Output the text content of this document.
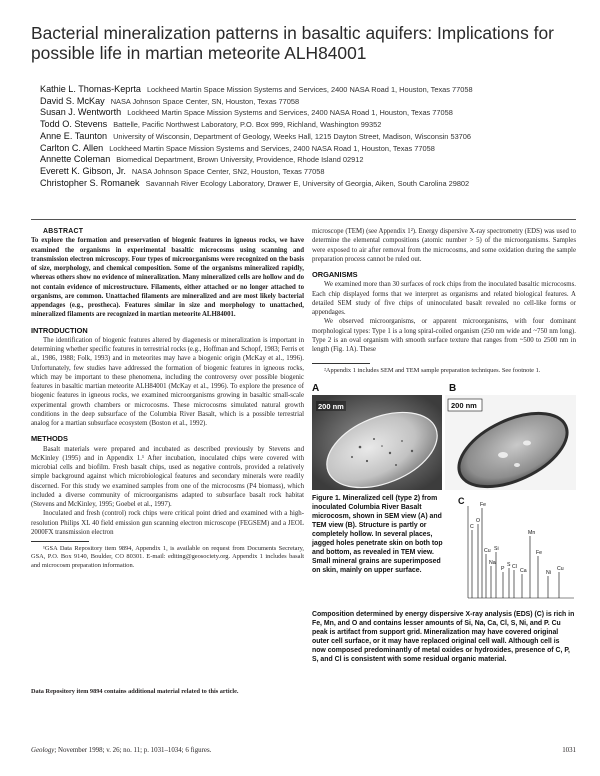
Bacterial mineralization patterns in basaltic aquifers: Implications for possible life in martian meteorite ALH84001
Kathie L. Thomas-Keprta Lockheed Martin Space Mission Systems and Services, 2400 NASA Road 1, Houston, Texas 77058
David S. McKay NASA Johnson Space Center, SN, Houston, Texas 77058
Susan J. Wentworth Lockheed Martin Space Mission Systems and Services, 2400 NASA Road 1, Houston, Texas 77058
Todd O. Stevens Battelle, Pacific Northwest Laboratory, P.O. Box 999, Richland, Washington 99352
Anne E. Taunton University of Wisconsin, Department of Geology, Weeks Hall, 1215 Dayton Street, Madison, Wisconsin 53706
Carlton C. Allen Lockheed Martin Space Mission Systems and Services, 2400 NASA Road 1, Houston, Texas 77058
Annette Coleman Biomedical Department, Brown University, Providence, Rhode Island 02912
Everett K. Gibson, Jr. NASA Johnson Space Center, SN2, Houston, Texas 77058
Christopher S. Romanek Savannah River Ecology Laboratory, Drawer E, University of Georgia, Aiken, South Carolina 29802

ABSTRACT
To explore the formation and preservation of biogenic features in igneous rocks, we have examined the organisms in experimental basaltic microcosms using scanning and transmission electron microscopy. Four types of microorganisms were recognized on the basis of size, morphology, and chemical composition. Some of the organisms mineralized rapidly, whereas others show no evidence of mineralization. Many mineralized cells are hollow and do not contain evidence of microstructure. Filaments, either attached or no longer attached to organisms, are common. Unattached filaments are mineralized and are most likely bacterial appendages (e.g., prostheca). Features similar in size and morphology to unattached, mineralized filaments are recognized in martian meteorite ALH84001.

INTRODUCTION

The identification of biogenic features altered by diagenesis or mineralization is important in determining whether specific features in terrestrial rocks (e.g., Hoffman and Schopf, 1983; Ferris et al., 1986, 1988; Folk, 1993) and in meteorites may have a biogenic origin (McKay et al., 1996). Unfortunately, few studies have addressed the formation of biogenic features in igneous rocks, which may be important to these phenomena, including the controversy over possible biogenic features in basaltic martian meteorite ALH84001 (McKay et al., 1996). To explore the presence of biogenic features in igneous rocks, we examined microorganisms growing in basaltic small-scale experimental growth chambers or microcosms. These microcosms simulated natural growth conditions in the deep subsurface of the Columbia River Basalt, which is a possible terrestrial analog for a martian subsurface ecosystem (Boston et al., 1992).

METHODS

Basalt materials were prepared and incubated as described previously by Stevens and McKinley (1995) and in Appendix 1.¹ After incubation, inoculated chips were covered with microbial cells and biofilm. Fresh basalt chips, used as negative controls, provided a relatively simple background against which microbiological features and secondary minerals were readily discerned. For this study we examined samples from one of the microcosms (P4 biomass), which included a diverse community of microorganisms adapted to subsurface basalt rock habitat (Stevens and McKinley, 1995; Goebel et al., 1997).

Inoculated and fresh (control) rock chips were critical point dried and examined with a high-resolution Philips XL 40 field emission gun scanning electron microscope (FEGSEM) and a JEOL 2000FX transmission electron

¹GSA Data Repository item 9894, Appendix 1, is available on request from Documents Secretary, GSA, P.O. Box 9140, Boulder, CO 80301. E-mail: editing@geosociety.org. Appendix 1 includes basalt and microcosm preparation information.

Data Repository item 9894 contains additional material related to this article.

microscope (TEM) (see Appendix 1²). Energy dispersive X-ray spectrometry (EDS) was used to determine the elemental compositions (atomic number > 5) of the microorganisms. Samples were exposed to air after removal from the microcosms, and some oxidation during the sample preparation process cannot be ruled out.

ORGANISMS

We examined more than 30 surfaces of rock chips from the inoculated basaltic microcosms. Each chip displayed forms that we interpret as organisms and related biological features. A detailed SEM study of five chips of uninoculated basalt revealed no cell-like forms or appendages.

We observed microorganisms, or apparent microorganisms, with four dominant morphological types: Type 1 is a long spiral-coiled organism (250 nm wide and ~750 nm long). Type 2 is an oval organism with smooth surface texture that ranges from ~500 to 2500 nm in length (Fig. 1A). These

²Appendix 1 includes SEM and TEM sample preparation techniques. See footnote 1.

A
200 nm
B
200 nm
Figure 1. Mineralized cell (type 2) from inoculated Columbia River Basalt microcosm, shown in SEM view (A) and TEM view (B). Structure is partly or completely hollow. In several places, jagged holes penetrate skin on both top and bottom, as revealed in TEM view. Small mineral grains are superimposed on skin, mainly on upper surface.
Composition determined by energy dispersive X-ray analysis (EDS) (C) is rich in Fe, Mn, and O and contains lesser amounts of Si, Na, Ca, Cl, S, Ni, and P. Cu peak is artifact from support grid. Mineralization may have covered original outer cell surface, or it may have replaced original cell wall. Although cell is now composed predominantly of metal oxides or hydroxides, presence of C, P, S, and Cl is consistent with some residual organic material.
C
C
O
Fe
Cu
Na
Si
P
S Cl
Ca
Mn
Fe
Ni
Cu
Geology; November 1998; v. 26; no. 11; p. 1031–1034; 6 figures.	1031
